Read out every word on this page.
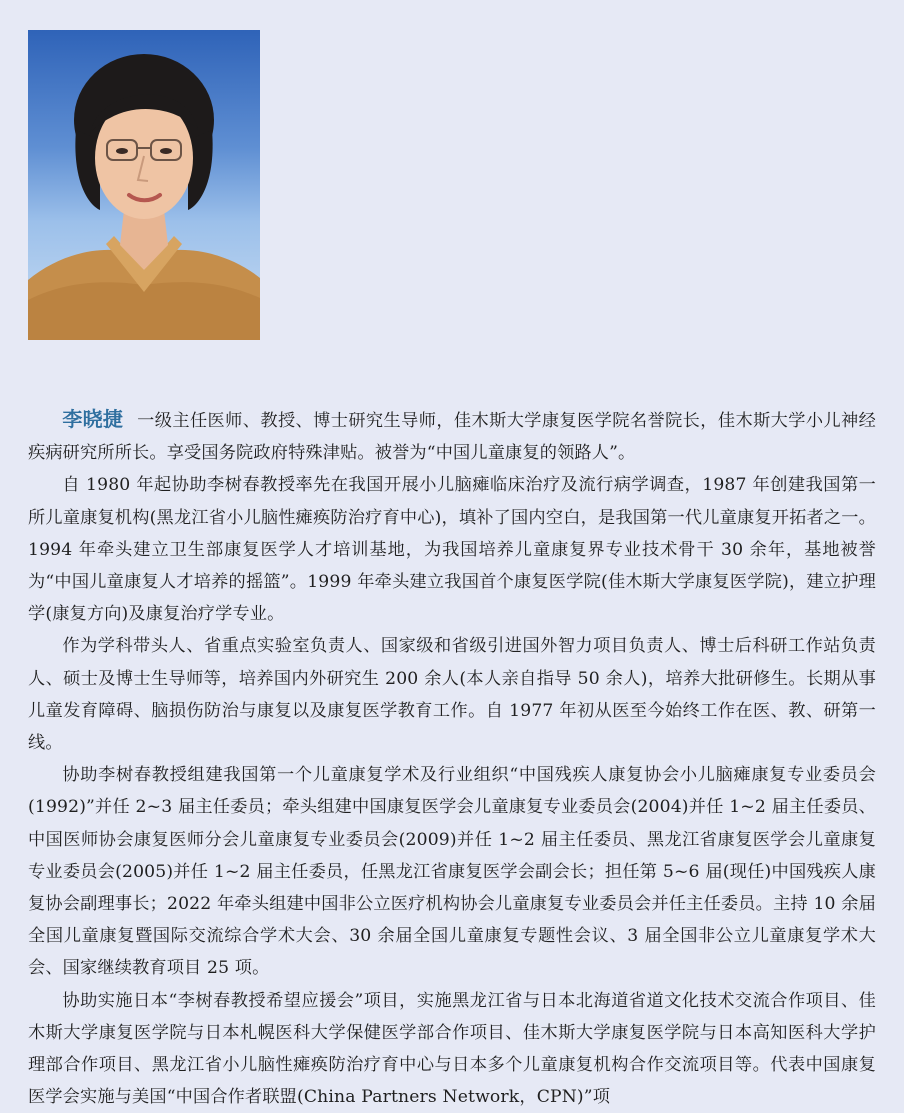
李晓捷 一级主任医师、教授、博士研究生导师，佳木斯大学康复医学院名誉院长，佳木斯大学小儿神经疾病研究所所长。享受国务院政府特殊津贴。被誉为“中国儿童康复的领路人”。

自 1980 年起协助李树春教授率先在我国开展小儿脑瘫临床治疗及流行病学调查，1987 年创建我国第一所儿童康复机构(黑龙江省小儿脑性瘫痪防治疗育中心)，填补了国内空白，是我国第一代儿童康复开拓者之一。1994 年牵头建立卫生部康复医学人才培训基地，为我国培养儿童康复界专业技术骨干 30 余年，基地被誉为“中国儿童康复人才培养的摇篮”。1999 年牵头建立我国首个康复医学院(佳木斯大学康复医学院)，建立护理学(康复方向)及康复治疗学专业。

作为学科带头人、省重点实验室负责人、国家级和省级引进国外智力项目负责人、博士后科研工作站负责人、硕士及博士生导师等，培养国内外研究生 200 余人(本人亲自指导 50 余人)，培养大批研修生。长期从事儿童发育障碍、脑损伤防治与康复以及康复医学教育工作。自 1977 年初从医至今始终工作在医、教、研第一线。

协助李树春教授组建我国第一个儿童康复学术及行业组织“中国残疾人康复协会小儿脑瘫康复专业委员会(1992)”并任 2~3 届主任委员；牵头组建中国康复医学会儿童康复专业委员会(2004)并任 1~2 届主任委员、中国医师协会康复医师分会儿童康复专业委员会(2009)并任 1~2 届主任委员、黑龙江省康复医学会儿童康复专业委员会(2005)并任 1~2 届主任委员，任黑龙江省康复医学会副会长；担任第 5~6 届(现任)中国残疾人康复协会副理事长；2022 年牵头组建中国非公立医疗机构协会儿童康复专业委员会并任主任委员。主持 10 余届全国儿童康复暨国际交流综合学术大会、30 余届全国儿童康复专题性会议、3 届全国非公立儿童康复学术大会、国家继续教育项目 25 项。

协助实施日本“李树春教授希望应援会”项目，实施黑龙江省与日本北海道省道文化技术交流合作项目、佳木斯大学康复医学院与日本札幌医科大学保健医学部合作项目、佳木斯大学康复医学院与日本高知医科大学护理部合作项目、黑龙江省小儿脑性瘫痪防治疗育中心与日本多个儿童康复机构合作交流项目等。代表中国康复医学会实施与美国“中国合作者联盟(China Partners Network，CPN)”项
